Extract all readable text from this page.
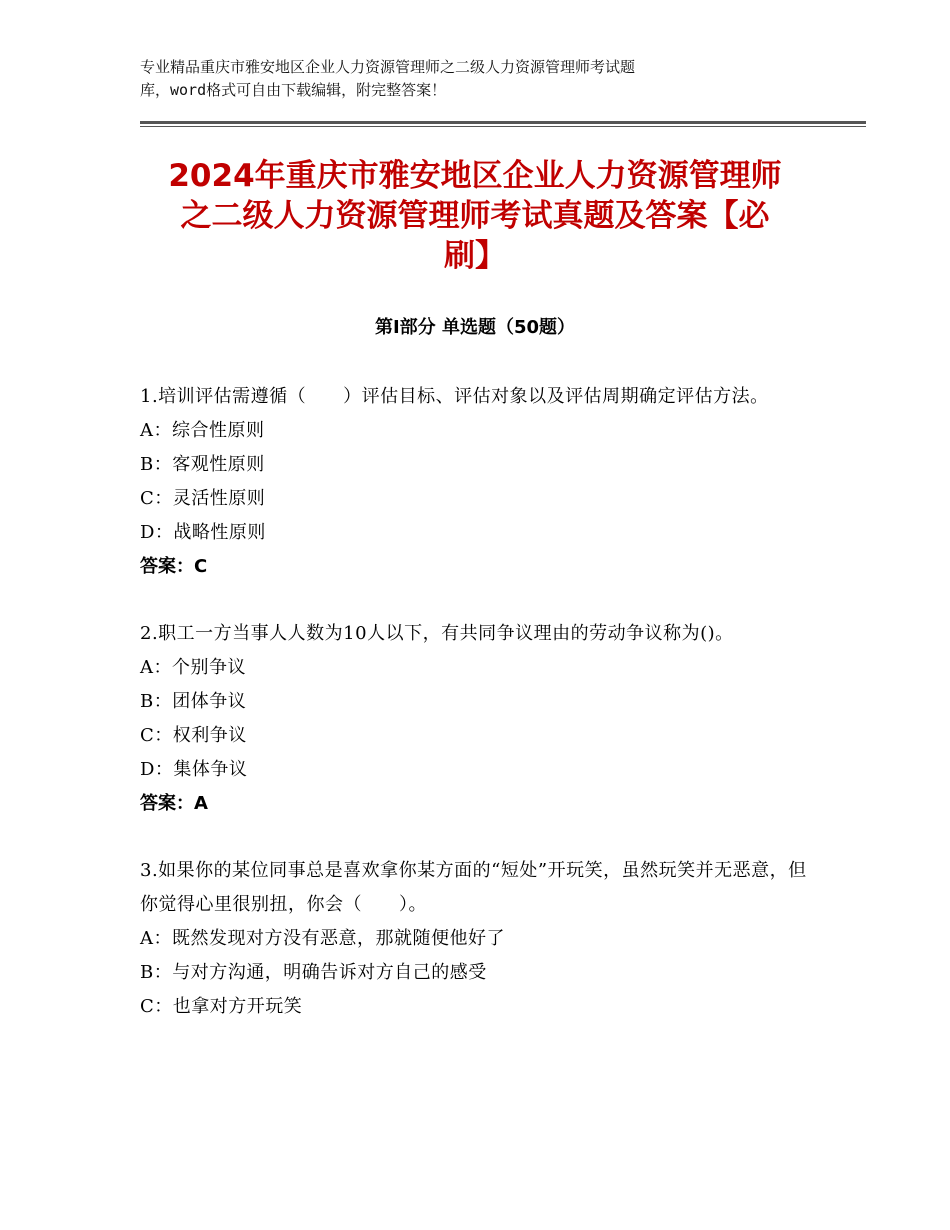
专业精品重庆市雅安地区企业人力资源管理师之二级人力资源管理师考试题
库，word格式可自由下载编辑，附完整答案！
2024年重庆市雅安地区企业人力资源管理师
之二级人力资源管理师考试真题及答案【必
刷】
第Ⅰ部分 单选题（50题）
1.培训评估需遵循（　　）评估目标、评估对象以及评估周期确定评估方法。
A：综合性原则
B：客观性原则
C：灵活性原则
D：战略性原则
答案：C
2.职工一方当事人人数为10人以下，有共同争议理由的劳动争议称为()。
A：个别争议
B：团体争议
C：权利争议
D：集体争议
答案：A
3.如果你的某位同事总是喜欢拿你某方面的“短处”开玩笑，虽然玩笑并无恶意，但你觉得心里很别扭，你会（　　）。
A：既然发现对方没有恶意，那就随便他好了
B：与对方沟通，明确告诉对方自己的感受
C：也拿对方开玩笑
